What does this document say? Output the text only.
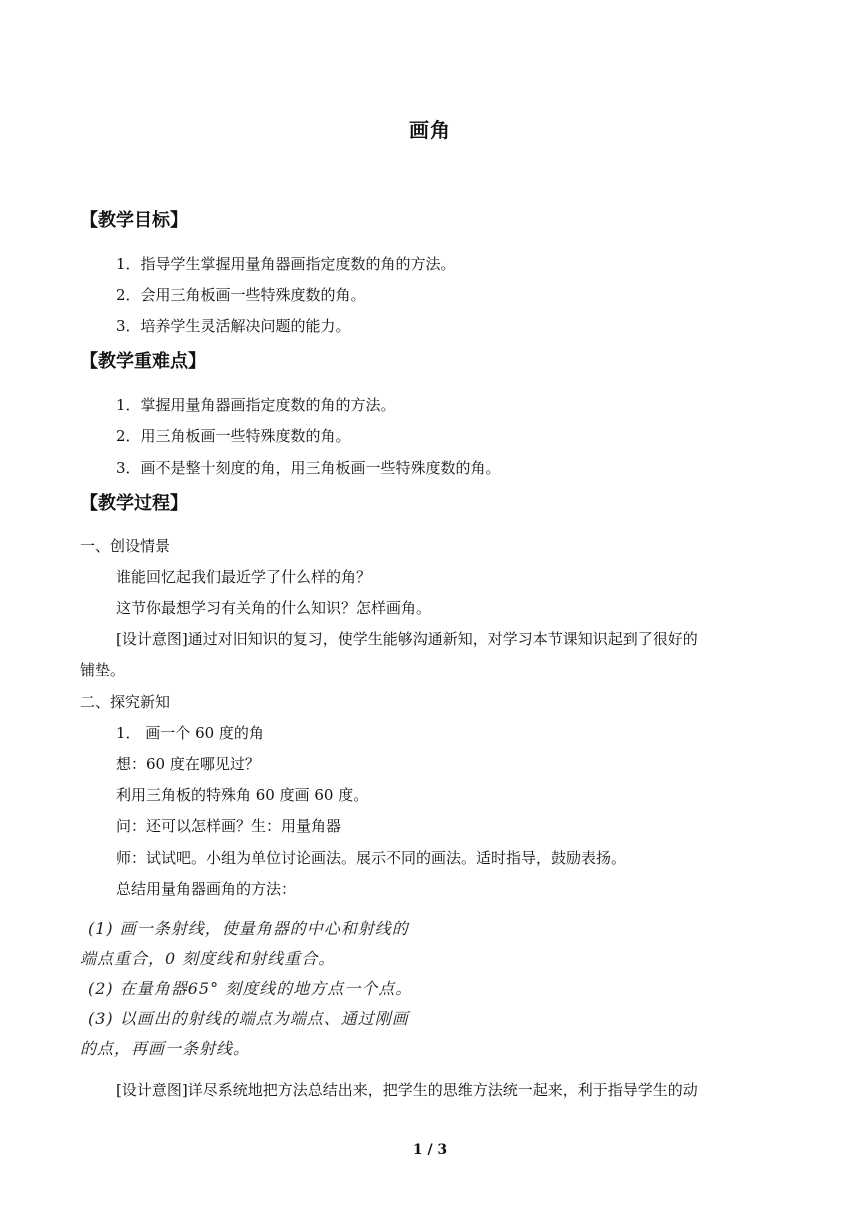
画角
【教学目标】
1．指导学生掌握用量角器画指定度数的角的方法。
2．会用三角板画一些特殊度数的角。
3．培养学生灵活解决问题的能力。
【教学重难点】
1．掌握用量角器画指定度数的角的方法。
2．用三角板画一些特殊度数的角。
3．画不是整十刻度的角，用三角板画一些特殊度数的角。
【教学过程】
一、创设情景
谁能回忆起我们最近学了什么样的角？
这节你最想学习有关角的什么知识？怎样画角。
[设计意图]通过对旧知识的复习，使学生能够沟通新知，对学习本节课知识起到了很好的
铺垫。
二、探究新知
1． 画一个 60 度的角
想：60 度在哪见过？
利用三角板的特殊角 60 度画 60 度。
问：还可以怎样画？生：用量角器
师：试试吧。小组为单位讨论画法。展示不同的画法。适时指导，鼓励表扬。
总结用量角器画角的方法：
(1) 画一条射线，使量角器的中心和射线的
端点重合，0 刻度线和射线重合。
(2) 在量角器65° 刻度线的地方点一个点。
(3) 以画出的射线的端点为端点、通过刚画
的点，再画一条射线。
[设计意图]详尽系统地把方法总结出来，把学生的思维方法统一起来，利于指导学生的动
1 / 3
